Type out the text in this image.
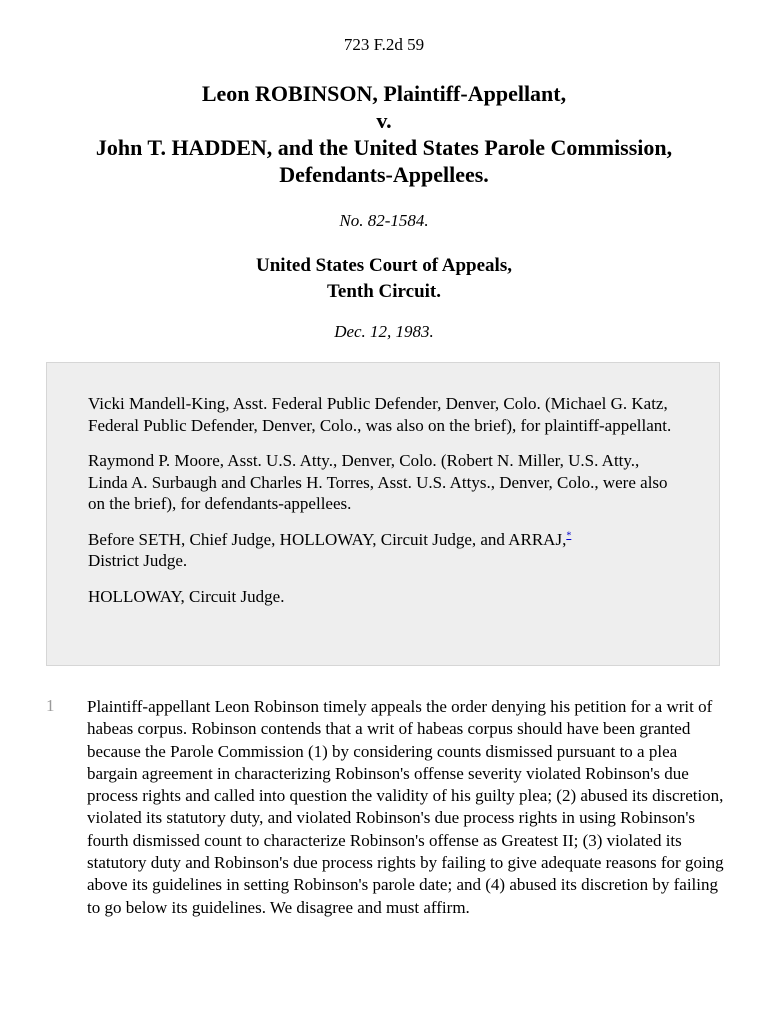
723 F.2d 59
Leon ROBINSON, Plaintiff-Appellant,
v.
John T. HADDEN, and the United States Parole Commission,
Defendants-Appellees.
No. 82-1584.
United States Court of Appeals,
Tenth Circuit.
Dec. 12, 1983.

Vicki Mandell-King, Asst. Federal Public Defender, Denver, Colo. (Michael G. Katz, Federal Public Defender, Denver, Colo., was also on the brief), for plaintiff-appellant.

Raymond P. Moore, Asst. U.S. Atty., Denver, Colo. (Robert N. Miller, U.S. Atty., Linda A. Surbaugh and Charles H. Torres, Asst. U.S. Attys., Denver, Colo., were also on the brief), for defendants-appellees.

Before SETH, Chief Judge, HOLLOWAY, Circuit Judge, and ARRAJ,*
District Judge.

HOLLOWAY, Circuit Judge.

1 Plaintiff-appellant Leon Robinson timely appeals the order denying his petition for a writ of habeas corpus. Robinson contends that a writ of habeas corpus should have been granted because the Parole Commission (1) by considering counts dismissed pursuant to a plea bargain agreement in characterizing Robinson's offense severity violated Robinson's due process rights and called into question the validity of his guilty plea; (2) abused its discretion, violated its statutory duty, and violated Robinson's due process rights in using Robinson's fourth dismissed count to characterize Robinson's offense as Greatest II; (3) violated its statutory duty and Robinson's due process rights by failing to give adequate reasons for going above its guidelines in setting Robinson's parole date; and (4) abused its discretion by failing to go below its guidelines. We disagree and must affirm.
